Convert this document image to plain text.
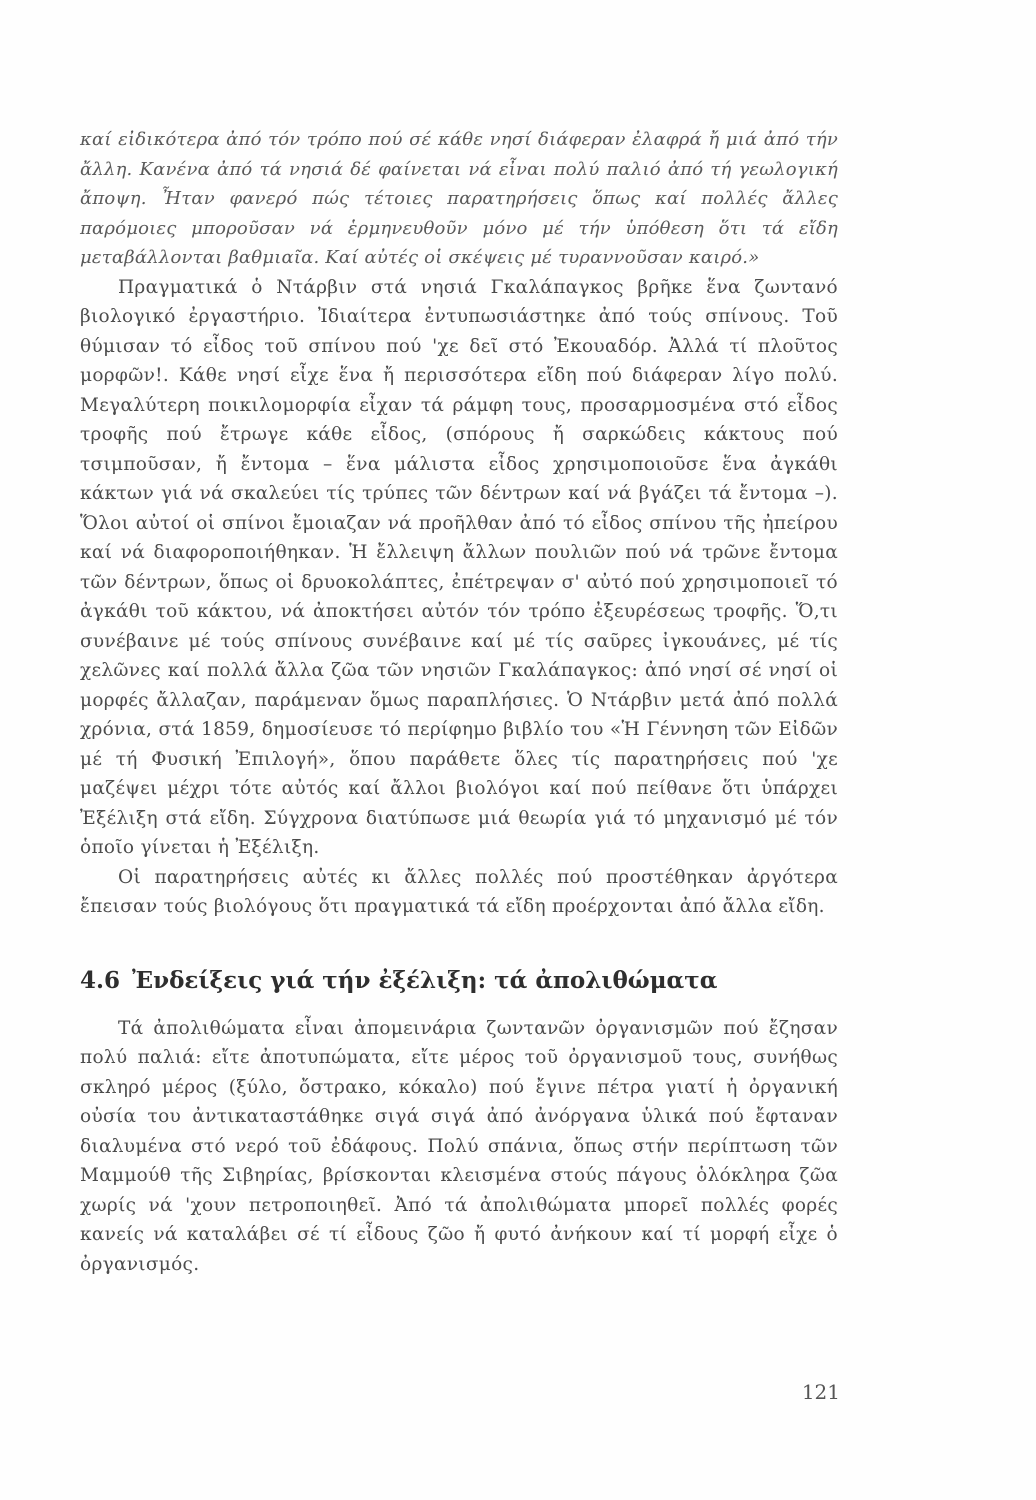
καί εἰδικότερα ἀπό τόν τρόπο πού σέ κάθε νησί διάφεραν ἐλαφρά ἤ μιά ἀπό τήν ἄλλη. Κανένα ἀπό τά νησιά δέ φαίνεται νά εἶναι πολύ παλιό ἀπό τή γεωλογική ἄποψη. Ἦταν φανερό πώς τέτοιες παρατηρήσεις ὅπως καί πολλές ἄλλες παρόμοιες μποροῦσαν νά ἑρμηνευθοῦν μόνο μέ τήν ὑπόθεση ὅτι τά εἴδη μεταβάλλονται βαθμιαῖα. Καί αὐτές οἱ σκέψεις μέ τυραννοῦσαν καιρό.»

Πραγματικά ὁ Ντάρβιν στά νησιά Γκαλάπαγκος βρῆκε ἕνα ζωντανό βιολογικό ἐργαστήριο. Ἰδιαίτερα ἐντυπωσιάστηκε ἀπό τούς σπίνους. Τοῦ θύμισαν τό εἶδος τοῦ σπίνου πού 'χε δεῖ στό Ἐκουαδόρ. Ἀλλά τί πλοῦτος μορφῶν!. Κάθε νησί εἶχε ἕνα ἤ περισσότερα εἴδη πού διάφεραν λίγο πολύ. Μεγαλύτερη ποικιλομορφία εἶχαν τά ράμφη τους, προσαρμοσμένα στό εἶδος τροφῆς πού ἔτρωγε κάθε εἶδος, (σπόρους ἤ σαρκώδεις κάκτους πού τσιμποῦσαν, ἤ ἔντομα – ἕνα μάλιστα εἶδος χρησιμοποιοῦσε ἕνα ἀγκάθι κάκτων γιά νά σκαλεύει τίς τρύπες τῶν δέντρων καί νά βγάζει τά ἔντομα –). Ὅλοι αὐτοί οἱ σπίνοι ἔμοιαζαν νά προῆλθαν ἀπό τό εἶδος σπίνου τῆς ἠπείρου καί νά διαφοροποιήθηκαν. Ἡ ἔλλειψη ἄλλων πουλιῶν πού νά τρῶνε ἔντομα τῶν δέντρων, ὅπως οἱ δρυοκολάπτες, ἐπέτρεψαν σ' αὐτό πού χρησιμοποιεῖ τό ἀγκάθι τοῦ κάκτου, νά ἀποκτήσει αὐτόν τόν τρόπο ἐξευρέσεως τροφῆς. Ὅ,τι συνέβαινε μέ τούς σπίνους συνέβαινε καί μέ τίς σαῦρες ἰγκουάνες, μέ τίς χελῶνες καί πολλά ἄλλα ζῶα τῶν νησιῶν Γκαλάπαγκος: ἀπό νησί σέ νησί οἱ μορφές ἄλλαζαν, παράμεναν ὅμως παραπλήσιες. Ὁ Ντάρβιν μετά ἀπό πολλά χρόνια, στά 1859, δημοσίευσε τό περίφημο βιβλίο του «Ἡ Γέννηση τῶν Εἰδῶν μέ τή Φυσική Ἐπιλογή», ὅπου παράθετε ὅλες τίς παρατηρήσεις πού 'χε μαζέψει μέχρι τότε αὐτός καί ἄλλοι βιολόγοι καί πού πείθανε ὅτι ὑπάρχει Ἐξέλιξη στά εἴδη. Σύγχρονα διατύπωσε μιά θεωρία γιά τό μηχανισμό μέ τόν ὁποῖο γίνεται ἡ Ἐξέλιξη.

Οἱ παρατηρήσεις αὐτές κι ἄλλες πολλές πού προστέθηκαν ἀργότερα ἔπεισαν τούς βιολόγους ὅτι πραγματικά τά εἴδη προέρχονται ἀπό ἄλλα εἴδη.

4.6 Ἐνδείξεις γιά τήν ἐξέλιξη: τά ἀπολιθώματα

Τά ἀπολιθώματα εἶναι ἀπομεινάρια ζωντανῶν ὀργανισμῶν πού ἔζησαν πολύ παλιά: εἴτε ἀποτυπώματα, εἴτε μέρος τοῦ ὀργανισμοῦ τους, συνήθως σκληρό μέρος (ξύλο, ὄστρακο, κόκαλο) πού ἔγινε πέτρα γιατί ἡ ὀργανική οὐσία του ἀντικαταστάθηκε σιγά σιγά ἀπό ἀνόργανα ὑλικά πού ἔφταναν διαλυμένα στό νερό τοῦ ἐδάφους. Πολύ σπάνια, ὅπως στήν περίπτωση τῶν Μαμμούθ τῆς Σιβηρίας, βρίσκονται κλεισμένα στούς πάγους ὁλόκληρα ζῶα χωρίς νά 'χουν πετροποιηθεῖ. Ἀπό τά ἀπολιθώματα μπορεῖ πολλές φορές κανείς νά καταλάβει σέ τί εἶδους ζῶο ἤ φυτό ἀνήκουν καί τί μορφή εἶχε ὁ ὀργανισμός.

121
